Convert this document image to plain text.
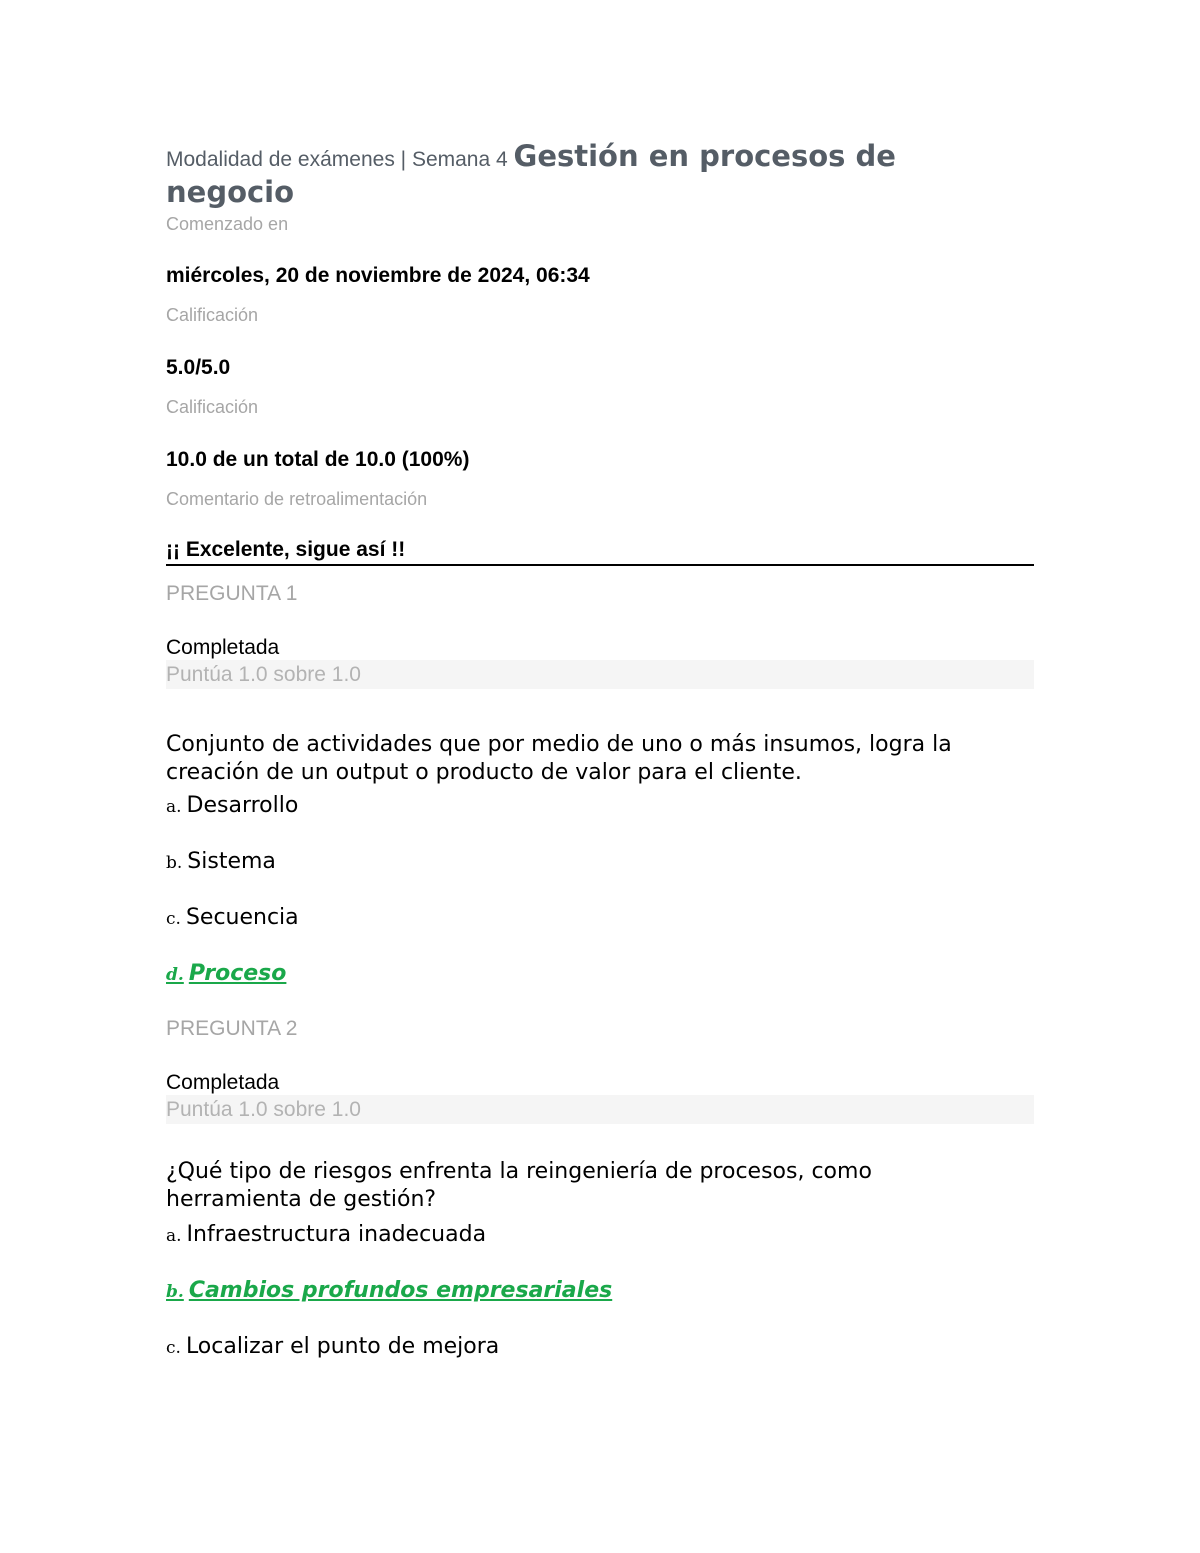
Modalidad de exámenes | Semana 4 Gestión en procesos de
negocio
Comenzado en
miércoles, 20 de noviembre de 2024, 06:34
Calificación
5.0/5.0
Calificación
10.0 de un total de 10.0 (100%)
Comentario de retroalimentación
¡¡ Excelente, sigue así !!
PREGUNTA 1
Completada
Puntúa 1.0 sobre 1.0
Conjunto de actividades que por medio de uno o más insumos, logra la creación de un output o producto de valor para el cliente.
a. Desarrollo
b. Sistema
c. Secuencia
d. Proceso
PREGUNTA 2
Completada
Puntúa 1.0 sobre 1.0
¿Qué tipo de riesgos enfrenta la reingeniería de procesos, como herramienta de gestión?
a. Infraestructura inadecuada
b. Cambios profundos empresariales
c. Localizar el punto de mejora
